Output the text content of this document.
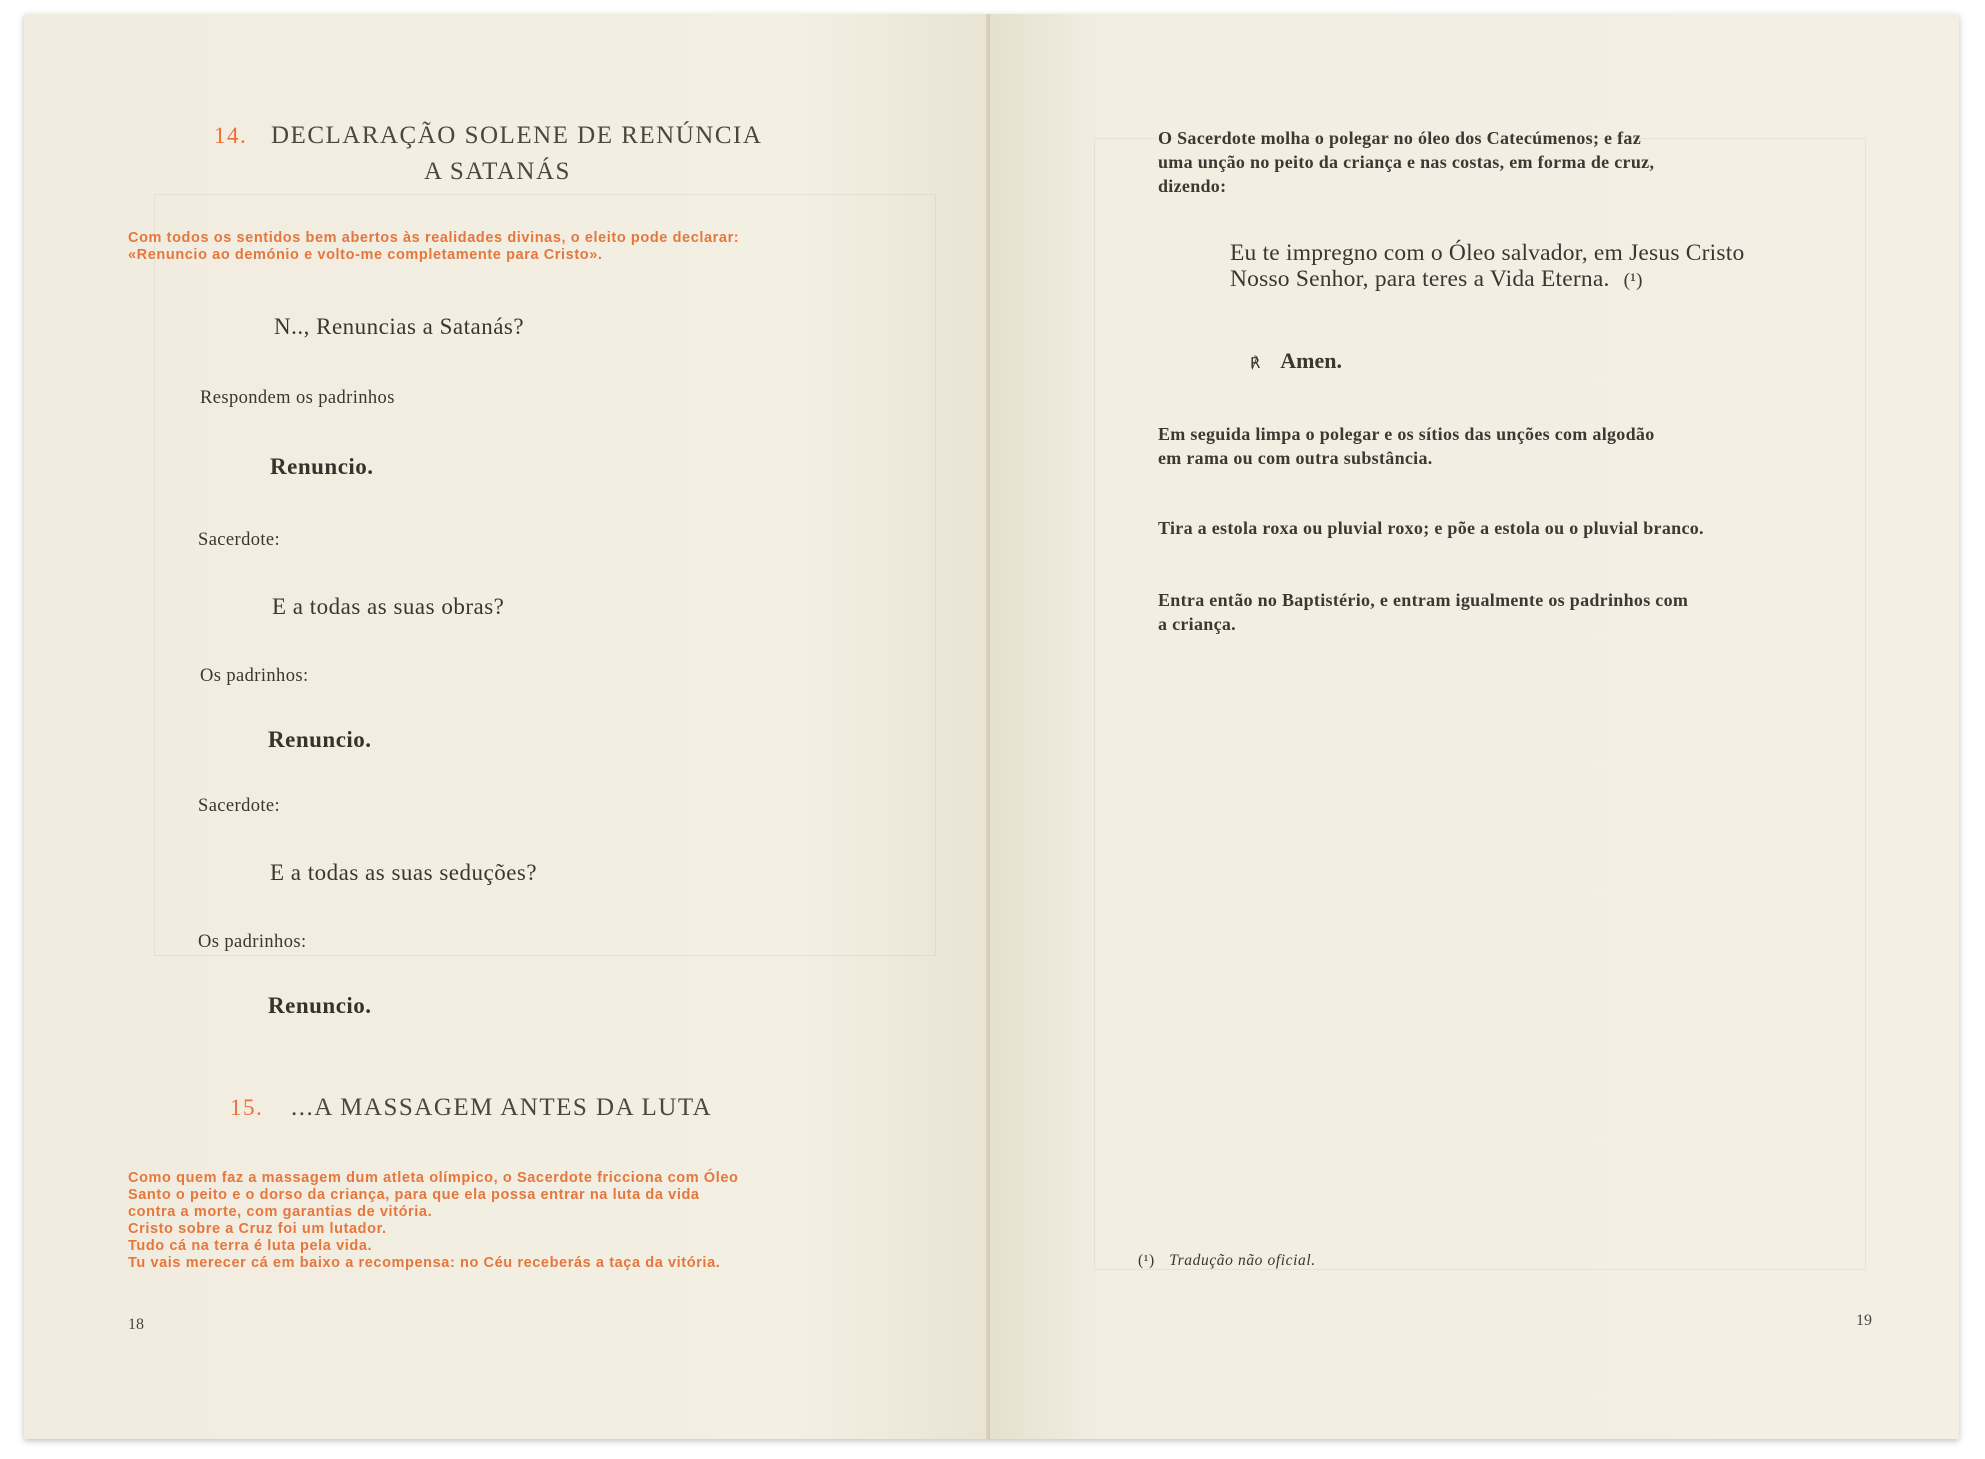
14. DECLARAÇÃO SOLENE DE RENÚNCIA
A SATANÁS
Com todos os sentidos bem abertos às realidades divinas, o eleito pode declarar:
«Renuncio ao demónio e volto-me completamente para Cristo».
N.., Renuncias a Satanás?
Respondem os padrinhos
Renuncio.
Sacerdote:
E a todas as suas obras?
Os padrinhos:
Renuncio.
Sacerdote:
E a todas as suas seduções?
Os padrinhos:
Renuncio.
15. ...A MASSAGEM ANTES DA LUTA
Como quem faz a massagem dum atleta olímpico, o Sacerdote fricciona com Óleo
Santo o peito e o dorso da criança, para que ela possa entrar na luta da vida
contra a morte, com garantias de vitória.
Cristo sobre a Cruz foi um lutador.
Tudo cá na terra é luta pela vida.
Tu vais merecer cá em baixo a recompensa: no Céu receberás a taça da vitória.
18
O Sacerdote molha o polegar no óleo dos Catecúmenos; e faz
uma unção no peito da criança e nas costas, em forma de cruz,
dizendo:
Eu te impregno com o Óleo salvador, em Jesus Cristo
Nosso Senhor, para teres a Vida Eterna. (¹)
℟ Amen.
Em seguida limpa o polegar e os sítios das unções com algodão
em rama ou com outra substância.
Tira a estola roxa ou pluvial roxo; e põe a estola ou o pluvial branco.
Entra então no Baptistério, e entram igualmente os padrinhos com
a criança.
(¹) Tradução não oficial.
19
